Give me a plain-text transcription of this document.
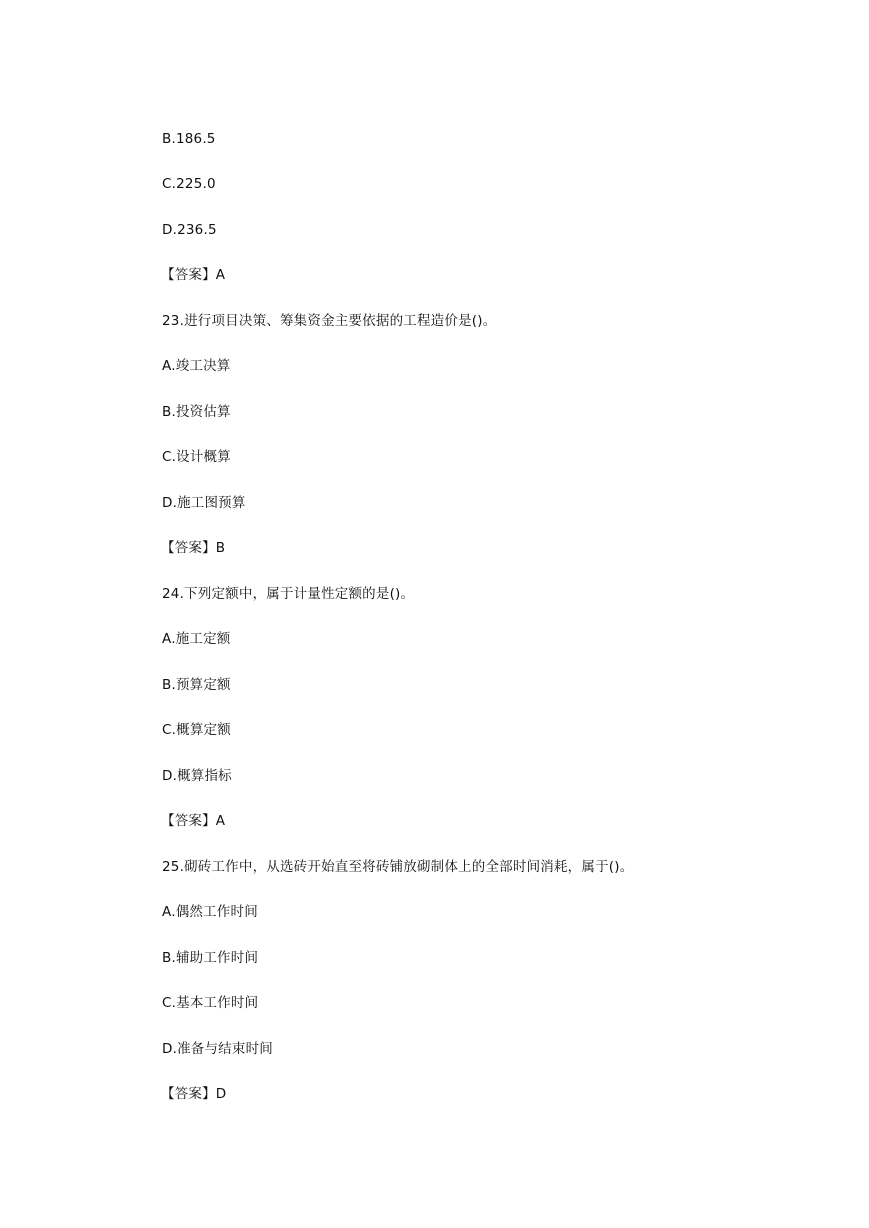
B.186.5
C.225.0
D.236.5
【答案】A
23.进行项目决策、筹集资金主要依据的工程造价是()。
A.竣工决算
B.投资估算
C.设计概算
D.施工图预算
【答案】B
24.下列定额中，属于计量性定额的是()。
A.施工定额
B.预算定额
C.概算定额
D.概算指标
【答案】A
25.砌砖工作中，从选砖开始直至将砖铺放砌制体上的全部时间消耗，属于()。
A.偶然工作时间
B.辅助工作时间
C.基本工作时间
D.准备与结束时间
【答案】D
